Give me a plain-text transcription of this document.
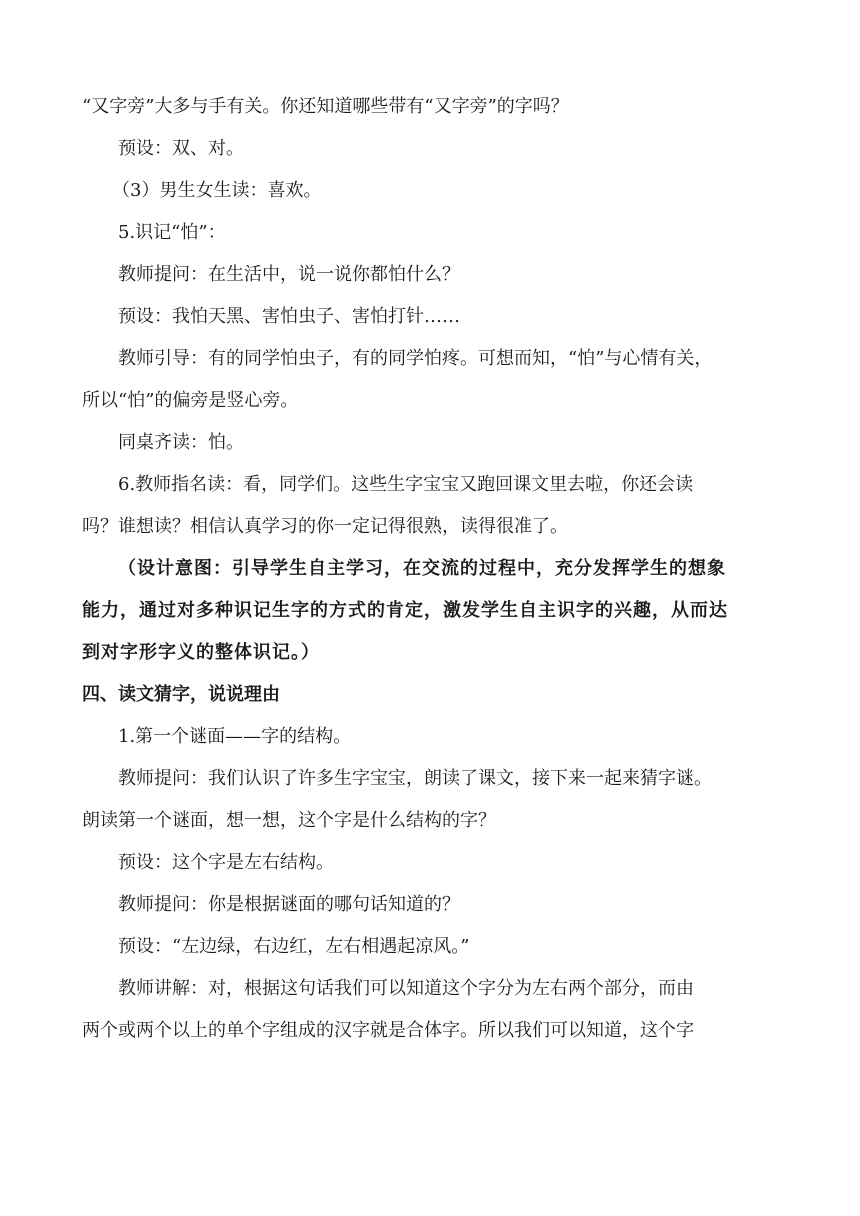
“又字旁”大多与手有关。你还知道哪些带有“又字旁”的字吗？

预设：双、对。

（3）男生女生读：喜欢。

5.识记“怕”：

教师提问：在生活中，说一说你都怕什么？

预设：我怕天黑、害怕虫子、害怕打针……

教师引导：有的同学怕虫子，有的同学怕疼。可想而知，“怕”与心情有关，

所以“怕”的偏旁是竖心旁。

同桌齐读：怕。

6.教师指名读：看，同学们。这些生字宝宝又跑回课文里去啦，你还会读

吗？谁想读？相信认真学习的你一定记得很熟，读得很准了。

（设计意图：引导学生自主学习，在交流的过程中，充分发挥学生的想象

能力，通过对多种识记生字的方式的肯定，激发学生自主识字的兴趣，从而达

到对字形字义的整体识记。）

四、读文猜字，说说理由

1.第一个谜面——字的结构。

教师提问：我们认识了许多生字宝宝，朗读了课文，接下来一起来猜字谜。

朗读第一个谜面，想一想，这个字是什么结构的字？

预设：这个字是左右结构。

教师提问：你是根据谜面的哪句话知道的？

预设：“左边绿，右边红，左右相遇起凉风。”

教师讲解：对，根据这句话我们可以知道这个字分为左右两个部分，而由

两个或两个以上的单个字组成的汉字就是合体字。所以我们可以知道，这个字
